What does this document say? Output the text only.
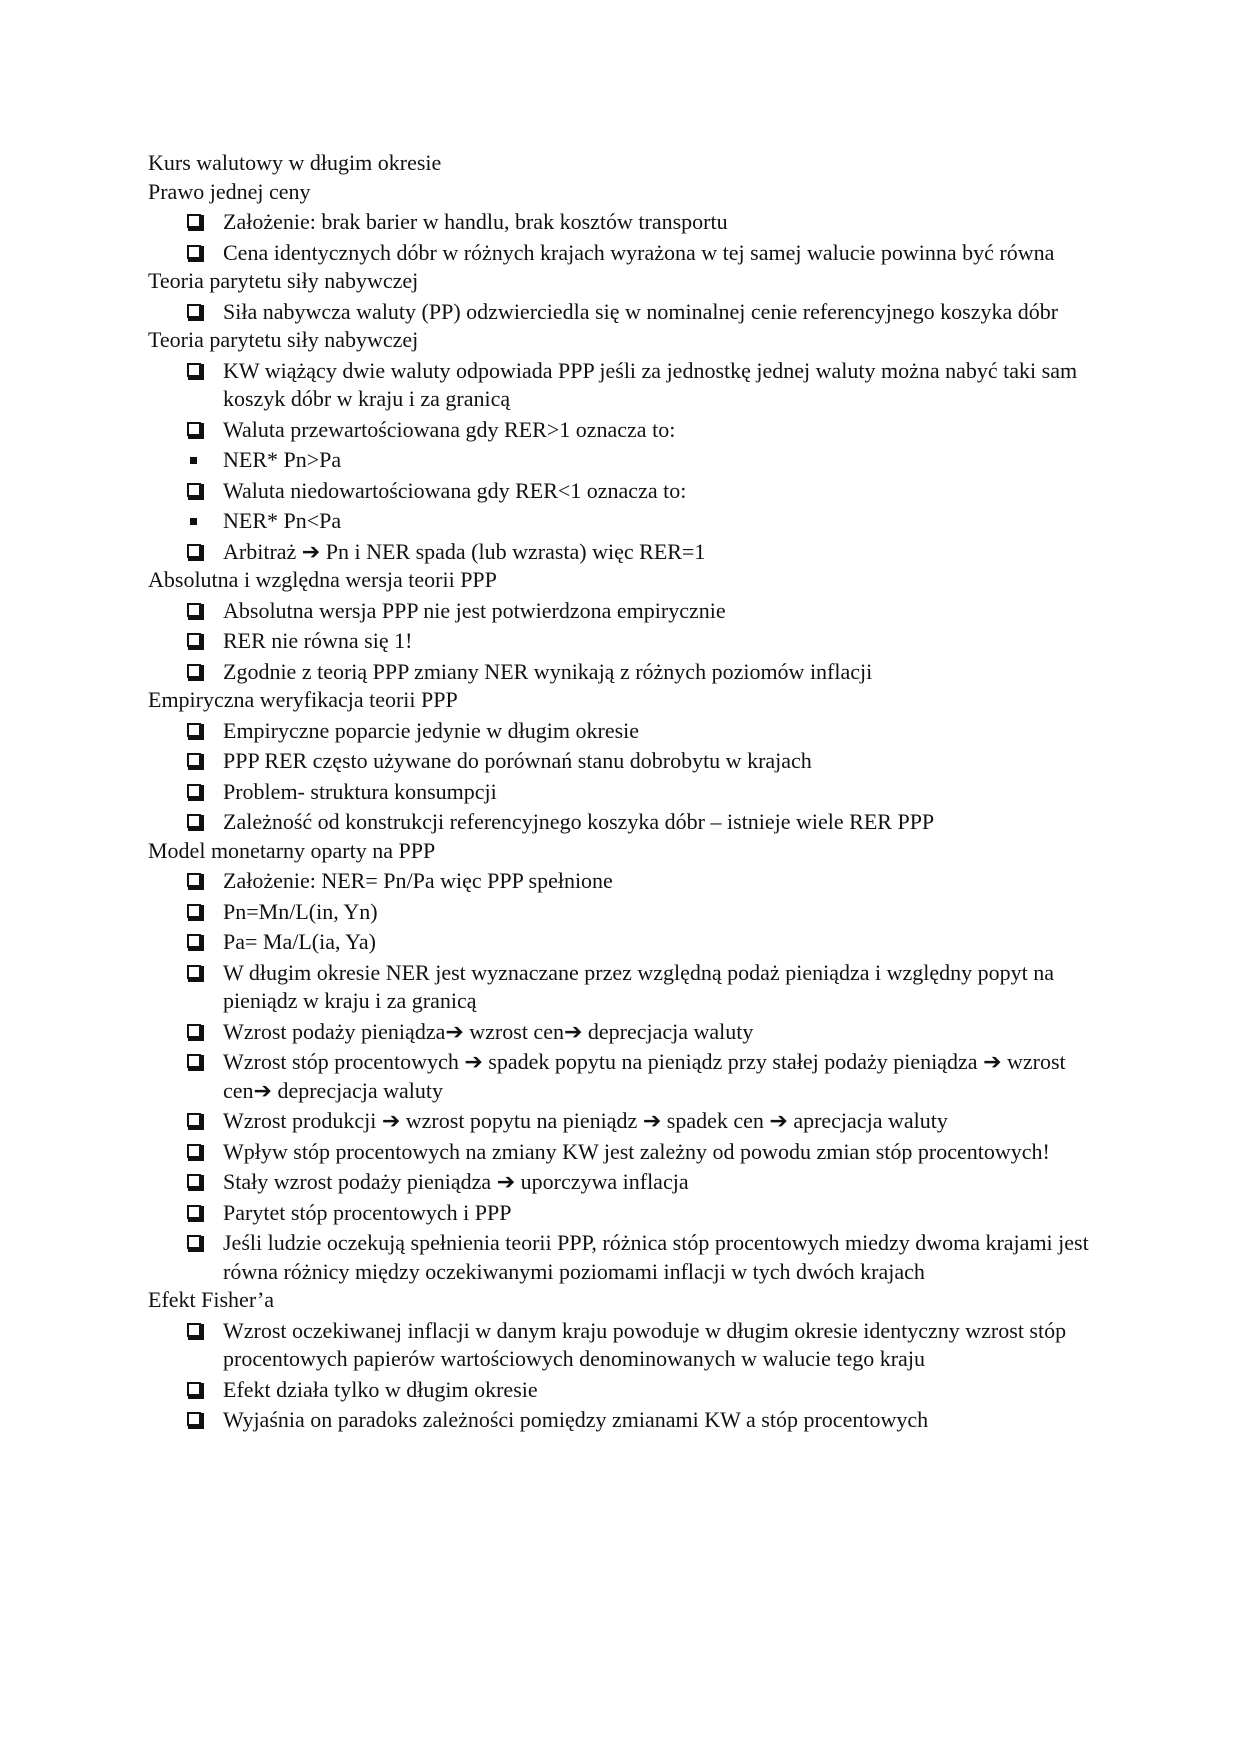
Kurs walutowy w długim okresie
Prawo jednej ceny
Założenie: brak barier w handlu, brak kosztów transportu
Cena identycznych dóbr w różnych krajach wyrażona w tej samej walucie powinna być równa
Teoria parytetu siły nabywczej
Siła nabywcza waluty (PP) odzwierciedla się w nominalnej cenie referencyjnego koszyka dóbr
Teoria parytetu siły nabywczej
KW wiążący dwie waluty odpowiada PPP jeśli za jednostkę jednej waluty można nabyć taki sam koszyk dóbr w kraju i za granicą
Waluta przewartościowana gdy RER>1 oznacza to:
NER* Pn>Pa
Waluta niedowartościowana gdy RER<1 oznacza to:
NER* Pn<Pa
Arbitraż ➔ Pn i NER spada (lub wzrasta) więc RER=1
Absolutna i względna wersja teorii PPP
Absolutna wersja PPP nie jest potwierdzona empirycznie
RER nie równa się 1!
Zgodnie z teorią PPP zmiany NER wynikają z różnych poziomów inflacji
Empiryczna weryfikacja teorii PPP
Empiryczne poparcie jedynie w długim okresie
PPP RER często używane do porównań stanu dobrobytu w krajach
Problem- struktura konsumpcji
Zależność od konstrukcji referencyjnego koszyka dóbr – istnieje wiele RER PPP
Model monetarny oparty na PPP
Założenie: NER= Pn/Pa więc PPP spełnione
Pn=Mn/L(in, Yn)
Pa= Ma/L(ia, Ya)
W długim okresie NER jest wyznaczane przez względną podaż pieniądza i względny popyt na pieniądz w kraju i za granicą
Wzrost podaży pieniądza➔ wzrost cen➔ deprecjacja waluty
Wzrost stóp procentowych ➔ spadek popytu na pieniądz przy stałej podaży pieniądza ➔ wzrost cen➔ deprecjacja waluty
Wzrost produkcji ➔ wzrost popytu na pieniądz ➔ spadek cen ➔ aprecjacja waluty
Wpływ stóp procentowych na zmiany KW jest zależny od powodu zmian stóp procentowych!
Stały wzrost podaży pieniądza ➔ uporczywa inflacja
Parytet stóp procentowych i PPP
Jeśli ludzie oczekują spełnienia teorii PPP, różnica stóp procentowych miedzy dwoma krajami jest równa różnicy między oczekiwanymi poziomami inflacji w tych dwóch krajach
Efekt Fisher’a
Wzrost oczekiwanej inflacji w danym kraju powoduje w długim okresie identyczny wzrost stóp procentowych papierów wartościowych denominowanych w walucie tego kraju
Efekt działa tylko w długim okresie
Wyjaśnia on paradoks zależności pomiędzy zmianami KW a stóp procentowych
